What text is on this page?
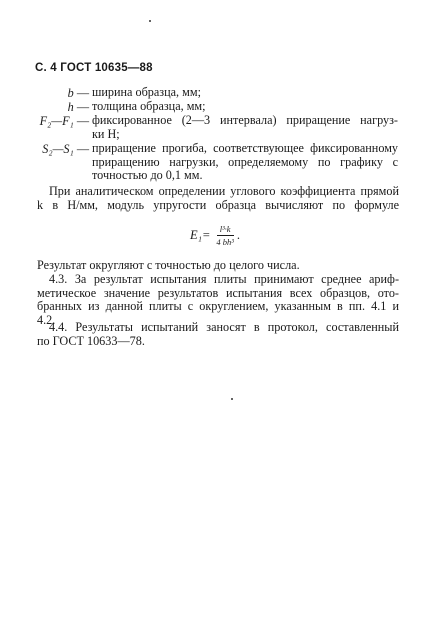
С. 4 ГОСТ 10635—88
b — ширина образца, мм;
h — толщина образца, мм;
F₂—F₁ — фиксированное (2—3 интервала) приращение нагруз-
ки Н;
S₂—S₁ — приращение прогиба, соответствующее фиксированному
приращению нагрузки, определяемому по графику с
точностью до 0,1 мм.
При аналитическом определении углового коэффициента прямой
k в Н/мм, модуль упругости образца вычисляют по формуле
$E_1= \frac{\text{l³·k}}{\text{4 bh³}}$ .
Результат округляют с точностью до целого числа.
4.3. За результат испытания плиты принимают среднее ариф-
метическое значение результатов испытания всех образцов, ото-
бранных из данной плиты с округлением, указанным в пп. 4.1 и
4.2.
4.4. Результаты испытаний заносят в протокол, составленный
по ГОСТ 10633—78.
